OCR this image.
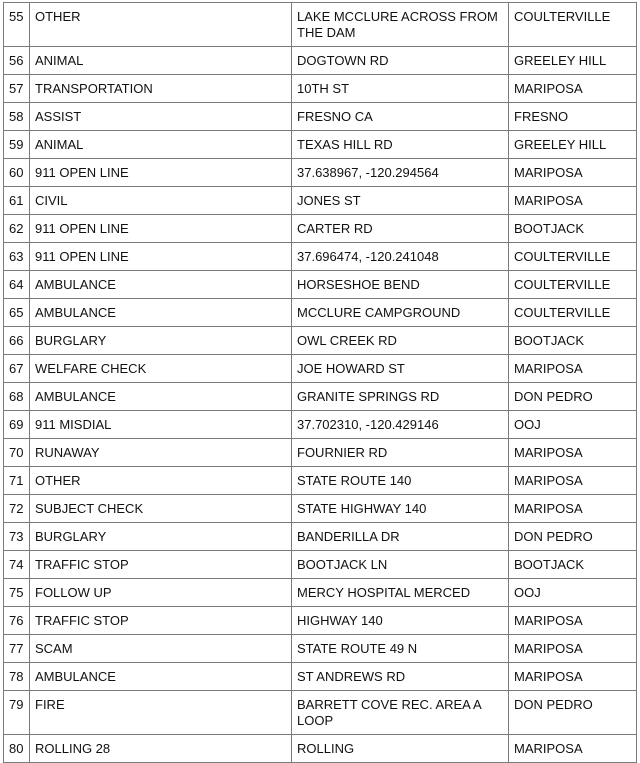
55	OTHER	LAKE MCCLURE ACROSS FROM THE DAM	COULTERVILLE
56	ANIMAL	DOGTOWN RD	GREELEY HILL
57	TRANSPORTATION	10TH ST	MARIPOSA
58	ASSIST	FRESNO CA	FRESNO
59	ANIMAL	TEXAS HILL RD	GREELEY HILL
60	911 OPEN LINE	37.638967, -120.294564	MARIPOSA
61	CIVIL	JONES ST	MARIPOSA
62	911 OPEN LINE	CARTER RD	BOOTJACK
63	911 OPEN LINE	37.696474, -120.241048	COULTERVILLE
64	AMBULANCE	HORSESHOE BEND	COULTERVILLE
65	AMBULANCE	MCCLURE CAMPGROUND	COULTERVILLE
66	BURGLARY	OWL CREEK RD	BOOTJACK
67	WELFARE CHECK	JOE HOWARD ST	MARIPOSA
68	AMBULANCE	GRANITE SPRINGS RD	DON PEDRO
69	911 MISDIAL	37.702310, -120.429146	OOJ
70	RUNAWAY	FOURNIER RD	MARIPOSA
71	OTHER	STATE ROUTE 140	MARIPOSA
72	SUBJECT CHECK	STATE HIGHWAY 140	MARIPOSA
73	BURGLARY	BANDERILLA DR	DON PEDRO
74	TRAFFIC STOP	BOOTJACK LN	BOOTJACK
75	FOLLOW UP	MERCY HOSPITAL MERCED	OOJ
76	TRAFFIC STOP	HIGHWAY 140	MARIPOSA
77	SCAM	STATE ROUTE 49 N	MARIPOSA
78	AMBULANCE	ST ANDREWS RD	MARIPOSA
79	FIRE	BARRETT COVE REC. AREA A LOOP	DON PEDRO
80	ROLLING 28	ROLLING	MARIPOSA
